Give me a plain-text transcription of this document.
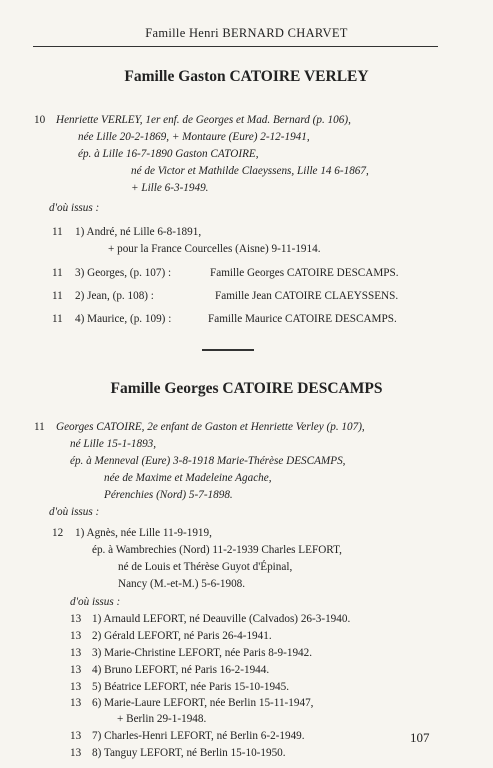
Famille Henri BERNARD CHARVET
Famille Gaston CATOIRE VERLEY
10 Henriette VERLEY, 1er enf. de Georges et Mad. Bernard (p. 106),
née Lille 20-2-1869, + Montaure (Eure) 2-12-1941,
ép. à Lille 16-7-1890 Gaston CATOIRE,
né de Victor et Mathilde Claeyssens, Lille 14 6-1867,
+ Lille 6-3-1949.
d'où issus :
11 1) André, né Lille 6-8-1891,
+ pour la France Courcelles (Aisne) 9-11-1914.
11 3) Georges, (p. 107) :	Famille Georges CATOIRE DESCAMPS.
11 2) Jean, (p. 108) :	Famille Jean CATOIRE CLAEYSSENS.
11 4) Maurice, (p. 109) :	Famille Maurice CATOIRE DESCAMPS.
Famille Georges CATOIRE DESCAMPS
11 Georges CATOIRE, 2e enfant de Gaston et Henriette Verley (p. 107),
né Lille 15-1-1893,
ép. à Menneval (Eure) 3-8-1918 Marie-Thérèse DESCAMPS,
née de Maxime et Madeleine Agache,
Pérenchies (Nord) 5-7-1898.
d'où issus :
12 1) Agnès, née Lille 11-9-1919,
ép. à Wambrechies (Nord) 11-2-1939 Charles LEFORT,
né de Louis et Thérèse Guyot d'Épinal,
Nancy (M.-et-M.) 5-6-1908.
d'où issus :
13 1) Arnauld LEFORT, né Deauville (Calvados) 26-3-1940.
13 2) Gérald LEFORT, né Paris 26-4-1941.
13 3) Marie-Christine LEFORT, née Paris 8-9-1942.
13 4) Bruno LEFORT, né Paris 16-2-1944.
13 5) Béatrice LEFORT, née Paris 15-10-1945.
13 6) Marie-Laure LEFORT, née Berlin 15-11-1947,
+ Berlin 29-1-1948.
13 7) Charles-Henri LEFORT, né Berlin 6-2-1949.
13 8) Tanguy LEFORT, né Berlin 15-10-1950.
107
